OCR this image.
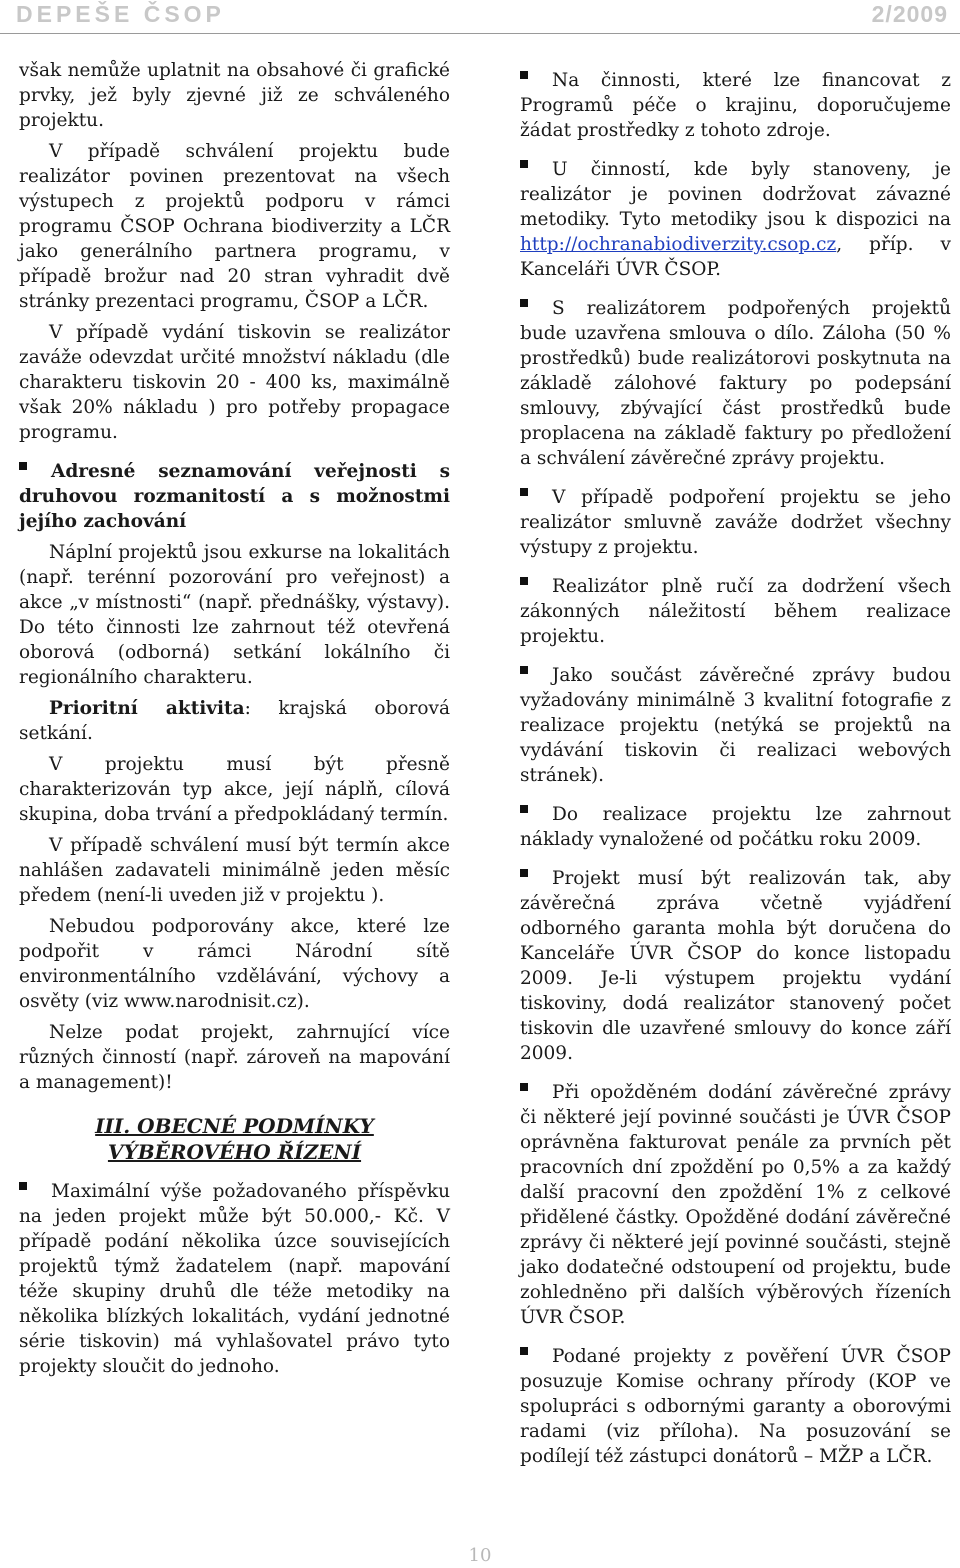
DEPEŠE ČSOP	2/2009

však nemůže uplatnit na obsahové či grafické prvky, jež byly zjevné již ze schváleného projektu.

V případě schválení projektu bude realizátor povinen prezentovat na všech výstupech z projektů podporu v rámci programu ČSOP Ochrana biodiverzity a LČR jako generálního partnera programu, v případě brožur nad 20 stran vyhradit dvě stránky prezentaci programu, ČSOP a LČR.

V případě vydání tiskovin se realizátor zaváže odevzdat určité množství nákladu (dle charakteru tiskovin 20 - 400 ks, maximálně však 20% nákladu ) pro potřeby propagace programu.

Adresné seznamování veřejnosti s druhovou rozmanitostí a s možnostmi jejího zachování

Náplní projektů jsou exkurse na lokalitách (např. terénní pozorování pro veřejnost) a akce „v místnosti“ (např. přednášky, výstavy). Do této činnosti lze zahrnout též otevřená oborová (odborná) setkání lokálního či regionálního charakteru.

Prioritní aktivita: krajská oborová setkání.

V projektu musí být přesně charakterizován typ akce, její náplň, cílová skupina, doba trvání a předpokládaný termín.

V případě schválení musí být termín akce nahlášen zadavateli minimálně jeden měsíc předem (není-li uveden již v projektu ).

Nebudou podporovány akce, které lze podpořit v rámci Národní sítě environmentálního vzdělávání, výchovy a osvěty (viz www.narodnisit.cz).

Nelze podat projekt, zahrnující více různých činností (např. zároveň na mapování a management)!

III. OBECNÉ PODMÍNKY
VÝBĚROVÉHO ŘÍZENÍ

Maximální výše požadovaného příspěvku na jeden projekt může být 50.000,- Kč. V případě podání několika úzce souvisejících projektů týmž žadatelem (např. mapování téže skupiny druhů dle téže metodiky na několika blízkých lokalitách, vydání jednotné série tiskovin) má vyhlašovatel právo tyto projekty sloučit do jednoho.

Na činnosti, které lze financovat z Programů péče o krajinu, doporučujeme žádat prostředky z tohoto zdroje.

U činností, kde byly stanoveny, je realizátor je povinen dodržovat závazné metodiky. Tyto metodiky jsou k dispozici na http://ochranabiodiverzity.csop.cz, příp. v Kanceláři ÚVR ČSOP.

S realizátorem podpořených projektů bude uzavřena smlouva o dílo. Záloha (50 % prostředků) bude realizátorovi poskytnuta na základě zálohové faktury po podepsání smlouvy, zbývající část prostředků bude proplacena na základě faktury po předložení a schválení závěrečné zprávy projektu.

V případě podpoření projektu se jeho realizátor smluvně zaváže dodržet všechny výstupy z projektu.

Realizátor plně ručí za dodržení všech zákonných náležitostí během realizace projektu.

Jako součást závěrečné zprávy budou vyžadovány minimálně 3 kvalitní fotografie z realizace projektu (netýká se projektů na vydávání tiskovin či realizaci webových stránek).

Do realizace projektu lze zahrnout náklady vynaložené od počátku roku 2009.

Projekt musí být realizován tak, aby závěrečná zpráva včetně vyjádření odborného garanta mohla být doručena do Kanceláře ÚVR ČSOP do konce listopadu 2009. Je-li výstupem projektu vydání tiskoviny, dodá realizátor stanovený počet tiskovin dle uzavřené smlouvy do konce září 2009.

Při opožděném dodání závěrečné zprávy či některé její povinné součásti je ÚVR ČSOP oprávněna fakturovat penále za prvních pět pracovních dní zpoždění po 0,5% a za každý další pracovní den zpoždění 1% z celkové přidělené částky. Opožděné dodání závěrečné zprávy či některé její povinné součásti, stejně jako dodatečné odstoupení od projektu, bude zohledněno při dalších výběrových řízeních ÚVR ČSOP.

Podané projekty z pověření ÚVR ČSOP posuzuje Komise ochrany přírody (KOP ve spolupráci s odbornými garanty a oborovými radami (viz příloha). Na posuzování se podílejí též zástupci donátorů – MŽP a LČR.

10
